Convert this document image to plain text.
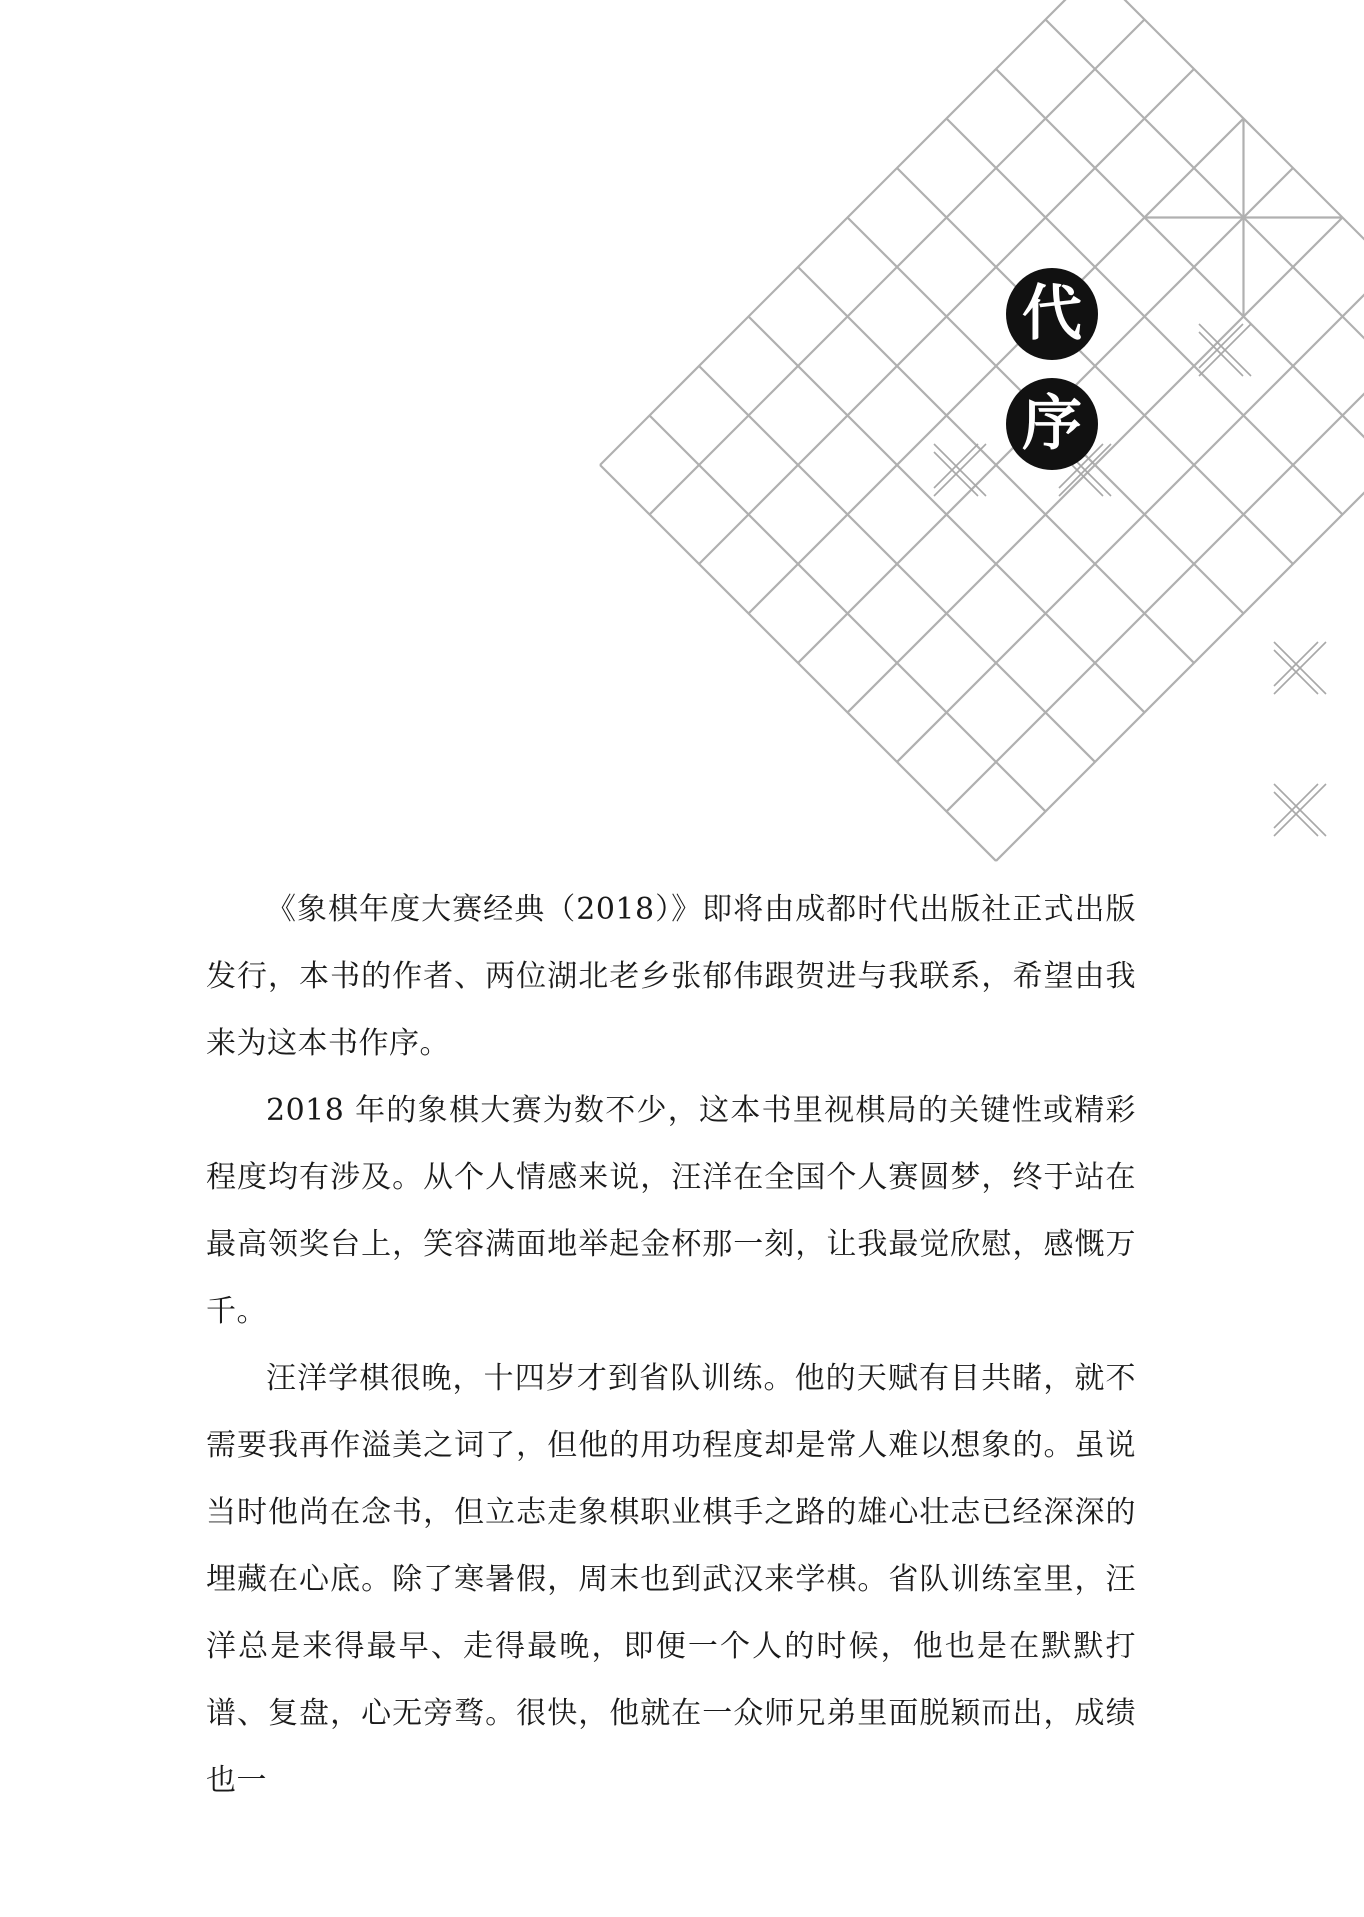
代
序

《象棋年度大赛经典（2018）》即将由成都时代出版社正式出版发行，本书的作者、两位湖北老乡张郁伟跟贺进与我联系，希望由我来为这本书作序。

2018 年的象棋大赛为数不少，这本书里视棋局的关键性或精彩程度均有涉及。从个人情感来说，汪洋在全国个人赛圆梦，终于站在最高领奖台上，笑容满面地举起金杯那一刻，让我最觉欣慰，感慨万千。

汪洋学棋很晚，十四岁才到省队训练。他的天赋有目共睹，就不需要我再作溢美之词了，但他的用功程度却是常人难以想象的。虽说当时他尚在念书，但立志走象棋职业棋手之路的雄心壮志已经深深的埋藏在心底。除了寒暑假，周末也到武汉来学棋。省队训练室里，汪洋总是来得最早、走得最晚，即便一个人的时候，他也是在默默打谱、复盘，心无旁骛。很快，他就在一众师兄弟里面脱颖而出，成绩也一
